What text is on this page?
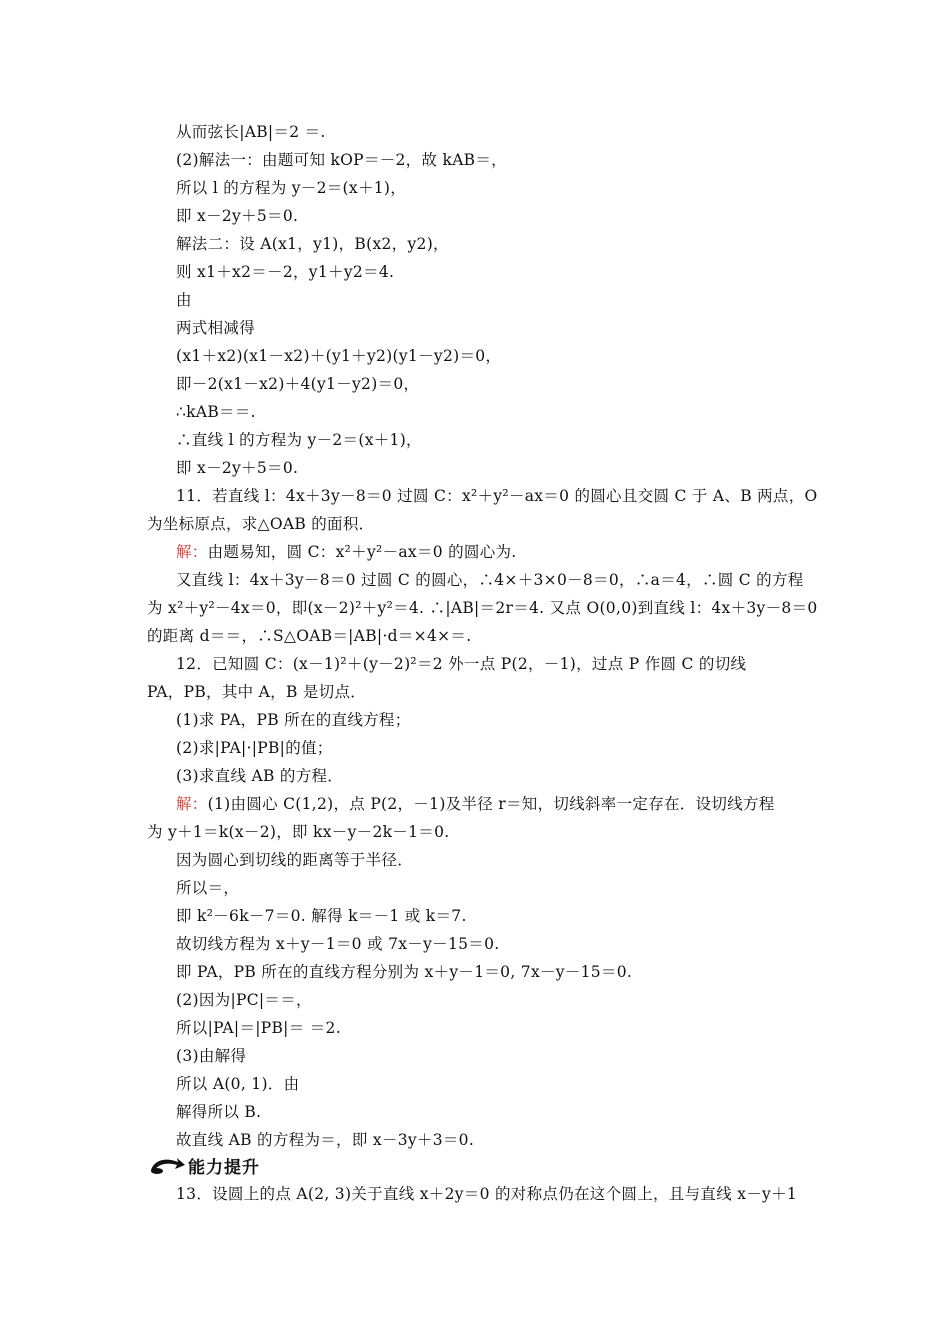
从而弦长|AB|＝2 ＝.
(2)解法一：由题可知 kOP＝－2，故 kAB＝，
所以 l 的方程为 y－2＝(x＋1)，
即 x－2y＋5＝0.
解法二：设 A(x1，y1)，B(x2，y2)，
则 x1＋x2＝－2，y1＋y2＝4.
由
两式相减得
(x1＋x2)(x1－x2)＋(y1＋y2)(y1－y2)＝0，
即－2(x1－x2)＋4(y1－y2)＝0，
∴kAB＝＝.
∴直线 l 的方程为 y－2＝(x＋1)，
即 x－2y＋5＝0.
11．若直线 l：4x＋3y－8＝0 过圆 C：x²＋y²－ax＝0 的圆心且交圆 C 于 A、B 两点，O
为坐标原点，求△OAB 的面积．
解：由题易知，圆 C：x²＋y²－ax＝0 的圆心为.
又直线 l：4x＋3y－8＝0 过圆 C 的圆心，∴4×＋3×0－8＝0，∴a＝4，∴圆 C 的方程
为 x²＋y²－4x＝0，即(x－2)²＋y²＝4. ∴|AB|＝2r＝4. 又点 O(0,0)到直线 l：4x＋3y－8＝0
的距离 d＝＝，∴S△OAB＝|AB|·d＝×4×＝.
12．已知圆 C：(x－1)²＋(y－2)²＝2 外一点 P(2，－1)，过点 P 作圆 C 的切线
PA，PB，其中 A，B 是切点．
(1)求 PA，PB 所在的直线方程；
(2)求|PA|·|PB|的值；
(3)求直线 AB 的方程．
解：(1)由圆心 C(1,2)，点 P(2，－1)及半径 r＝知，切线斜率一定存在．设切线方程
为 y＋1＝k(x－2)，即 kx－y－2k－1＝0.
因为圆心到切线的距离等于半径．
所以＝，
即 k²－6k－7＝0. 解得 k＝－1 或 k＝7.
故切线方程为 x＋y－1＝0 或 7x－y－15＝0.
即 PA，PB 所在的直线方程分别为 x＋y－1＝0, 7x－y－15＝0.
(2)因为|PC|＝＝，
所以|PA|＝|PB|＝ ＝2.
(3)由解得
所以 A(0, 1)．由
解得所以 B.
故直线 AB 的方程为＝，即 x－3y＋3＝0.
能力提升
13．设圆上的点 A(2, 3)关于直线 x＋2y＝0 的对称点仍在这个圆上，且与直线 x－y＋1
